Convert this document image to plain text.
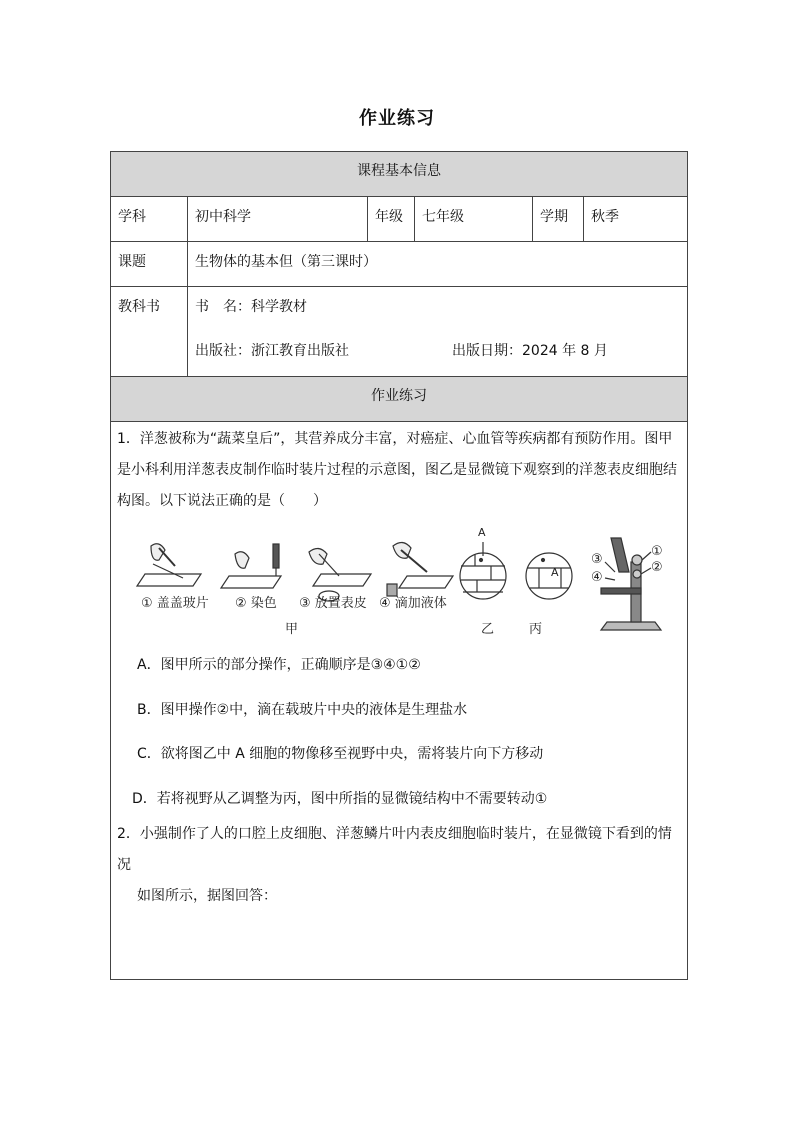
作业练习
课程基本信息
学科	初中科学	年级	七年级	学期	秋季
课题	生物体的基本但（第三课时）
教科书	书　名：科学教材
出版社：浙江教育出版社	出版日期：2024 年 8 月
作业练习
1．洋葱被称为“蔬菜皇后”，其营养成分丰富，对癌症、心血管等疾病都有预防作用。图甲
是小科利用洋葱表皮制作临时装片过程的示意图，图乙是显微镜下观察到的洋葱表皮细胞结
构图。以下说法正确的是（　　）
① 盖盖玻片 ② 染色 ③ 放置表皮 ④ 滴加液体
甲	乙	丙
A
A
①
②
③
④
A．图甲所示的部分操作，正确顺序是③④①②
B．图甲操作②中，滴在载玻片中央的液体是生理盐水
C．欲将图乙中 A 细胞的物像移至视野中央，需将装片向下方移动
D．若将视野从乙调整为丙，图中所指的显微镜结构中不需要转动①
2．小强制作了人的口腔上皮细胞、洋葱鳞片叶内表皮细胞临时装片，在显微镜下看到的情况
如图所示，据图回答：
